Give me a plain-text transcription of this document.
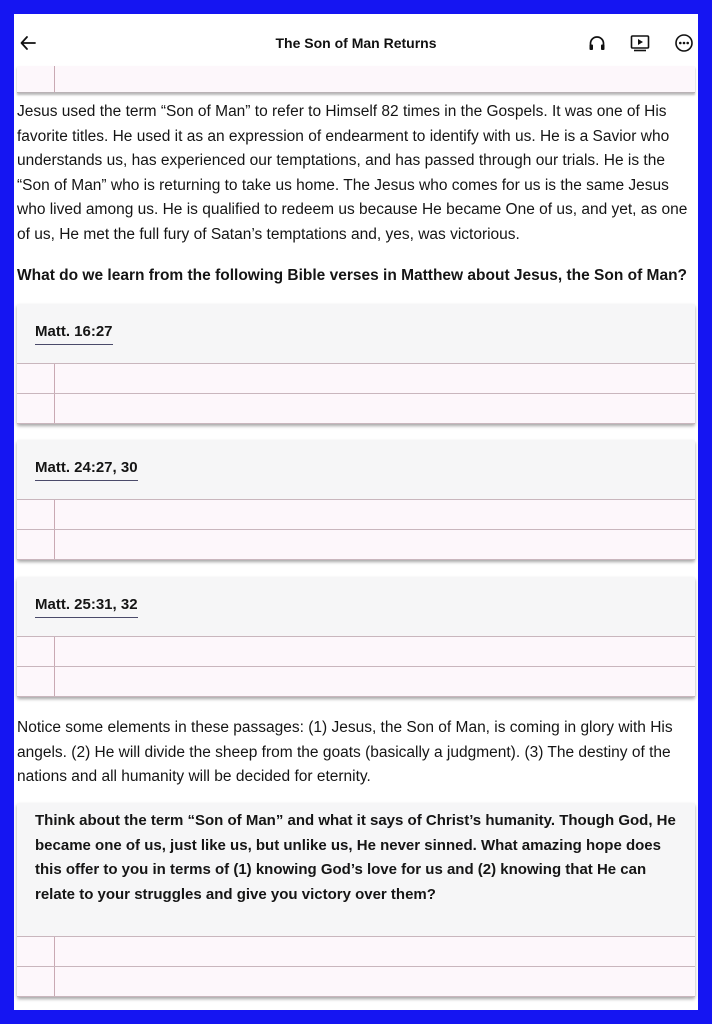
The Son of Man Returns
Jesus used the term “Son of Man” to refer to Himself 82 times in the Gospels. It was one of His favorite titles. He used it as an expression of endearment to identify with us. He is a Savior who understands us, has experienced our temptations, and has passed through our trials. He is the “Son of Man” who is returning to take us home. The Jesus who comes for us is the same Jesus who lived among us. He is qualified to redeem us because He became One of us, and yet, as one of us, He met the full fury of Satan’s temptations and, yes, was victorious.
What do we learn from the following Bible verses in Matthew about Jesus, the Son of Man?
Matt. 16:27
Matt. 24:27, 30
Matt. 25:31, 32
Notice some elements in these passages: (1) Jesus, the Son of Man, is coming in glory with His angels. (2) He will divide the sheep from the goats (basically a judgment). (3) The destiny of the nations and all humanity will be decided for eternity.
Think about the term “Son of Man” and what it says of Christ’s humanity. Though God, He became one of us, just like us, but unlike us, He never sinned. What amazing hope does this offer to you in terms of (1) knowing God’s love for us and (2) knowing that He can relate to your struggles and give you victory over them?
